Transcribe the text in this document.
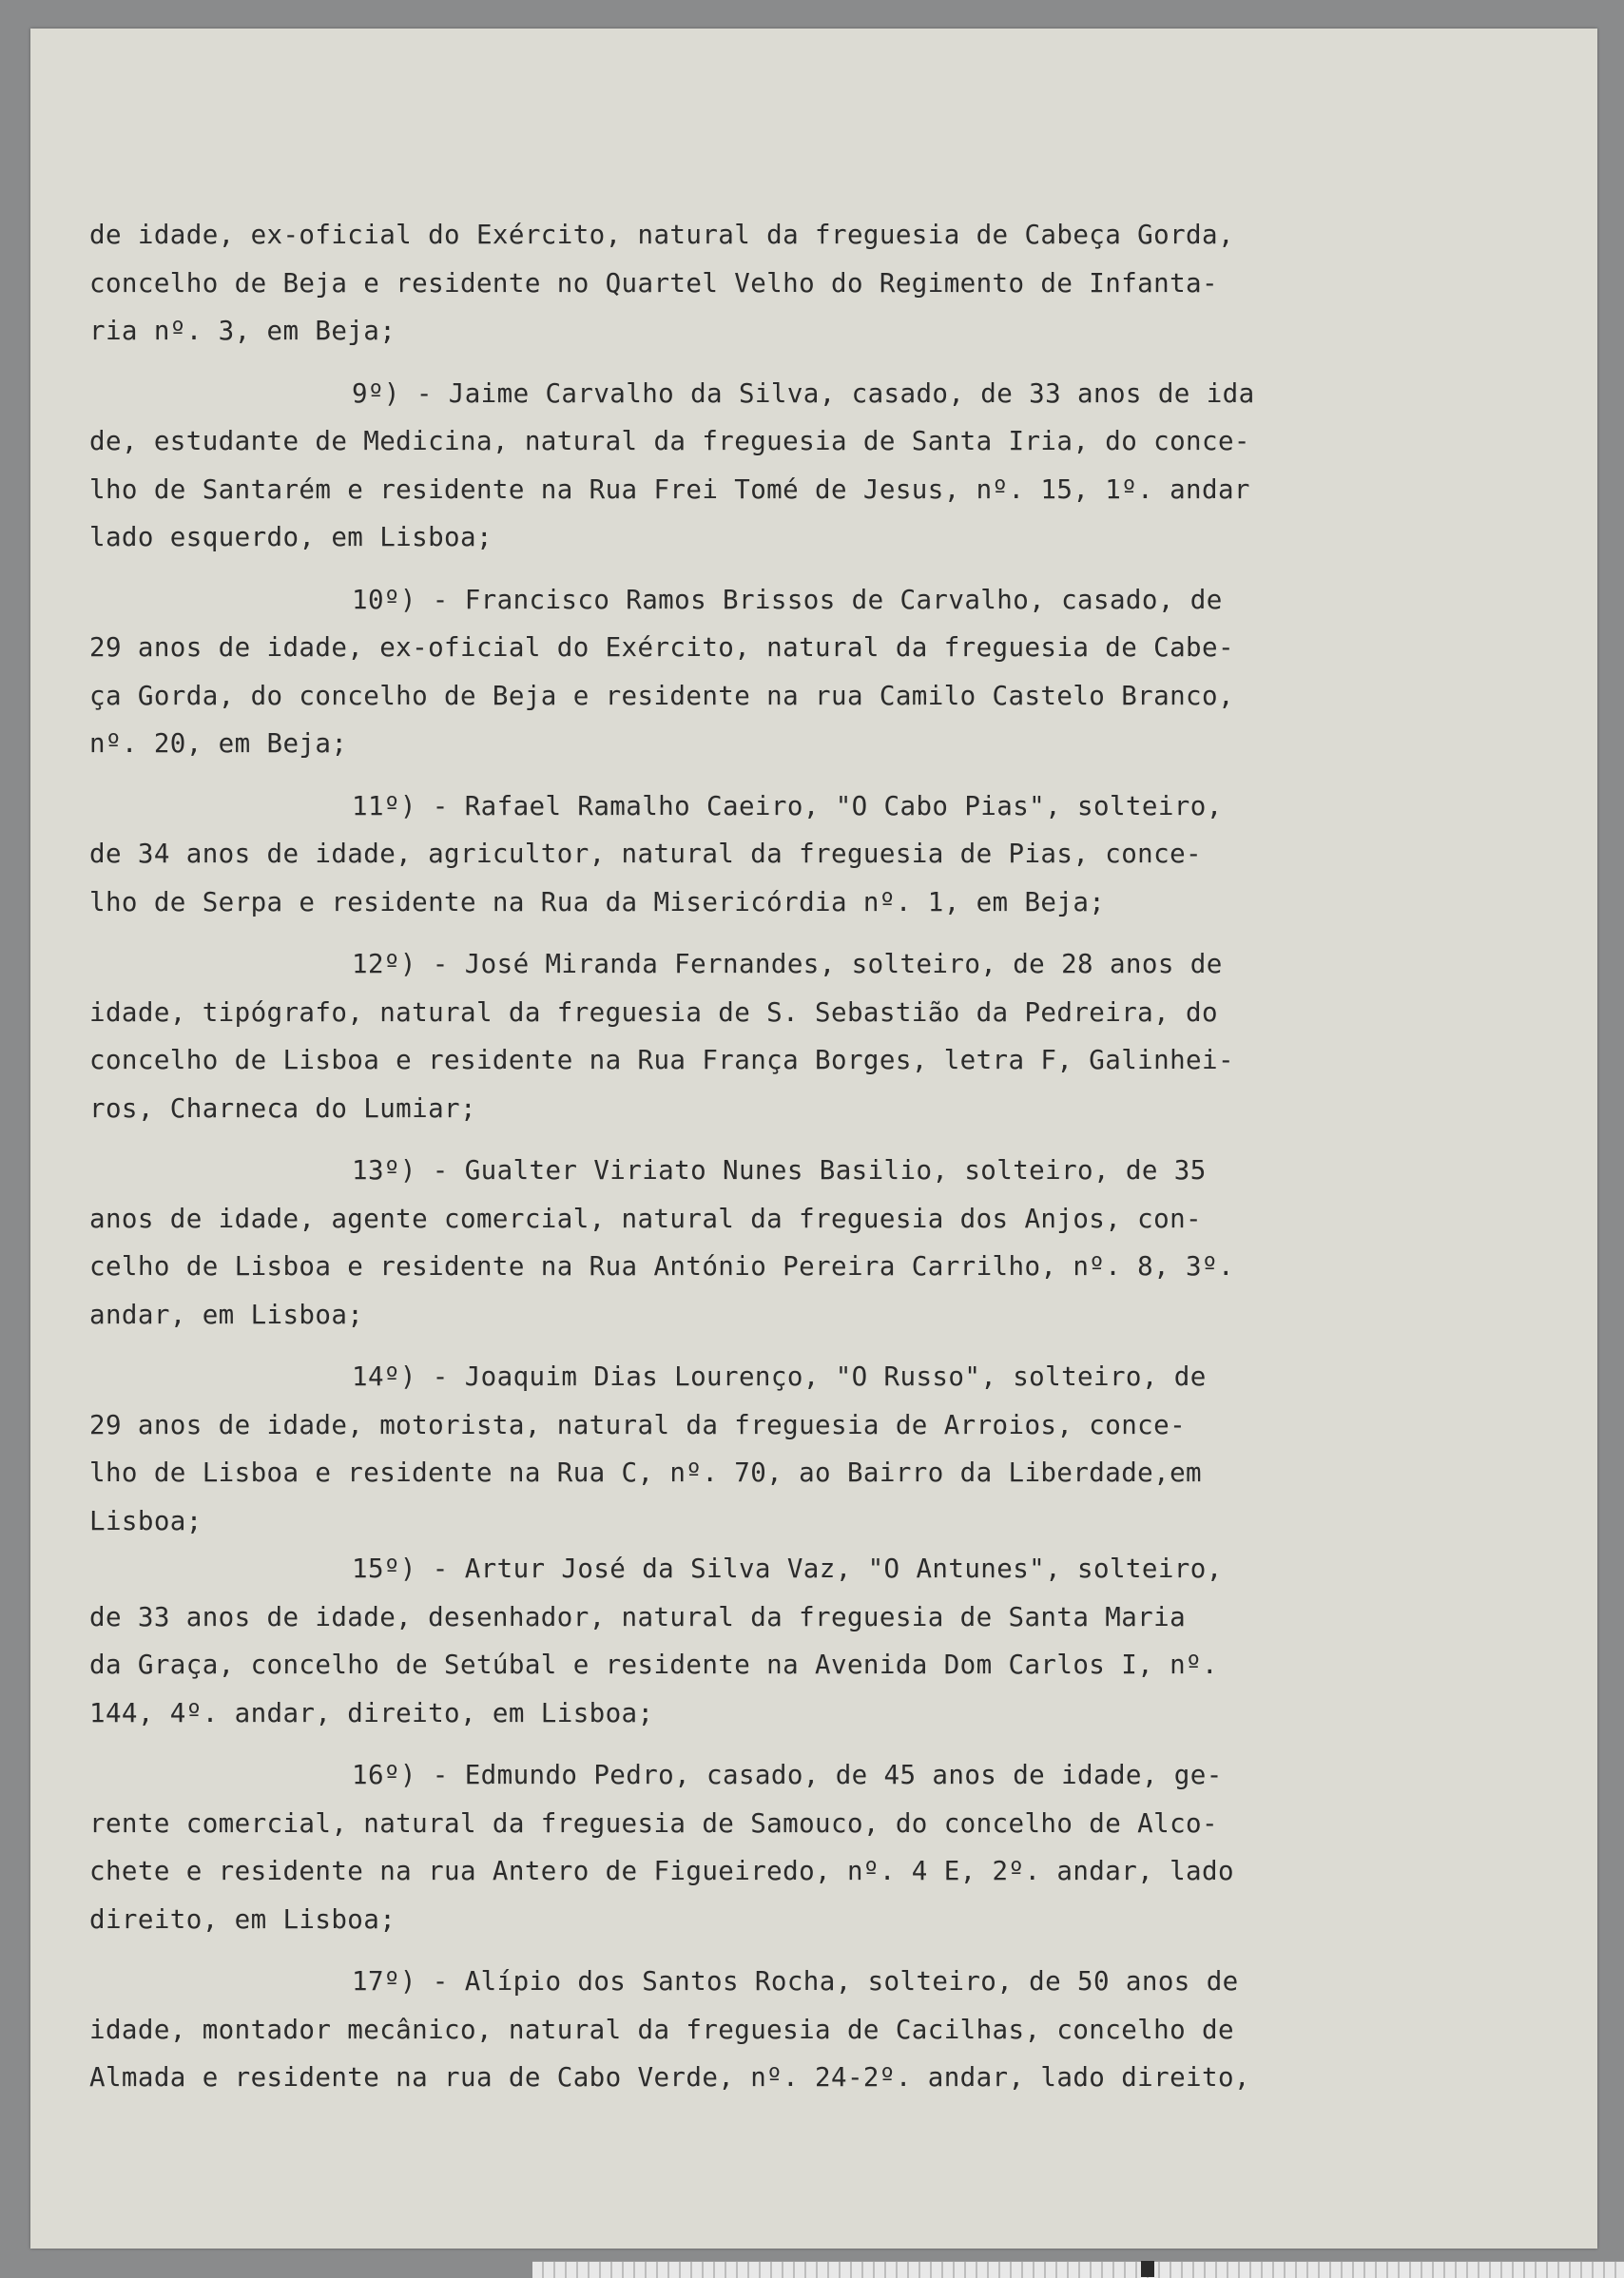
de idade, ex-oficial do Exército, natural da freguesia de Cabeça Gorda,
concelho de Beja e residente no Quartel Velho do Regimento de Infanta-
ria nº. 3, em Beja;
9º) - Jaime Carvalho da Silva, casado, de 33 anos de ida
de, estudante de Medicina, natural da freguesia de Santa Iria, do conce-
lho de Santarém e residente na Rua Frei Tomé de Jesus, nº. 15, 1º. andar
lado esquerdo, em Lisboa;
10º) - Francisco Ramos Brissos de Carvalho, casado, de
29 anos de idade, ex-oficial do Exército, natural da freguesia de Cabe-
ça Gorda, do concelho de Beja e residente na rua Camilo Castelo Branco,
nº. 20, em Beja;
11º) - Rafael Ramalho Caeiro, "O Cabo Pias", solteiro,
de 34 anos de idade, agricultor, natural da freguesia de Pias, conce-
lho de Serpa e residente na Rua da Misericórdia nº. 1, em Beja;
12º) - José Miranda Fernandes, solteiro, de 28 anos de
idade, tipógrafo, natural da freguesia de S. Sebastião da Pedreira, do
concelho de Lisboa e residente na Rua França Borges, letra F, Galinhei-
ros, Charneca do Lumiar;
13º) - Gualter Viriato Nunes Basilio, solteiro, de 35
anos de idade, agente comercial, natural da freguesia dos Anjos, con-
celho de Lisboa e residente na Rua António Pereira Carrilho, nº. 8, 3º.
andar, em Lisboa;
14º) - Joaquim Dias Lourenço, "O Russo", solteiro, de
29 anos de idade, motorista, natural da freguesia de Arroios, conce-
lho de Lisboa e residente na Rua C, nº. 70, ao Bairro da Liberdade,em
Lisboa;
15º) - Artur José da Silva Vaz, "O Antunes", solteiro,
de 33 anos de idade, desenhador, natural da freguesia de Santa Maria
da Graça, concelho de Setúbal e residente na Avenida Dom Carlos I, nº.
144, 4º. andar, direito, em Lisboa;
16º) - Edmundo Pedro, casado, de 45 anos de idade, ge-
rente comercial, natural da freguesia de Samouco, do concelho de Alco-
chete e residente na rua Antero de Figueiredo, nº. 4 E, 2º. andar, lado
direito, em Lisboa;
17º) - Alípio dos Santos Rocha, solteiro, de 50 anos de
idade, montador mecânico, natural da freguesia de Cacilhas, concelho de
Almada e residente na rua de Cabo Verde, nº. 24-2º. andar, lado direito,
